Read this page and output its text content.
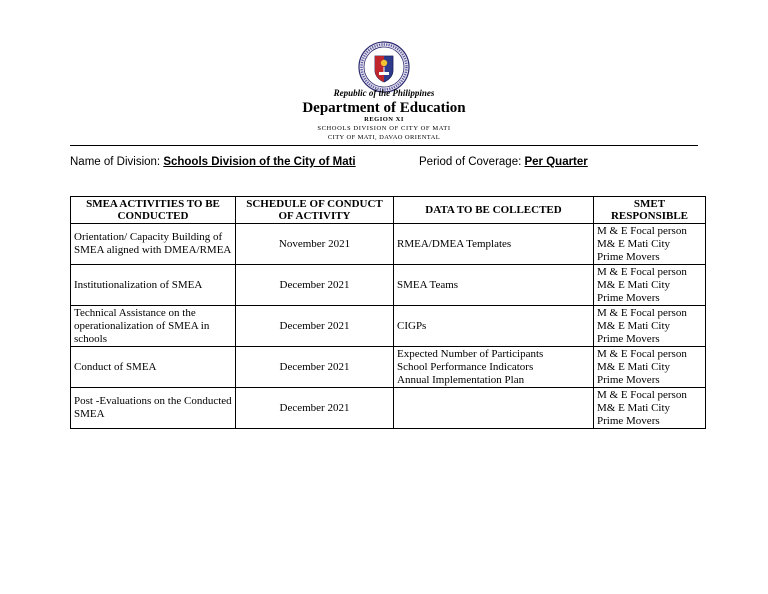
Republic of the Philippines
Department of Education
REGION XI
SCHOOLS DIVISION OF CITY OF MATI
CITY OF MATI, DAVAO ORIENTAL
Name of Division: Schools Division of the City of Mati	Period of Coverage: Per Quarter
SMEA ACTIVITIES TO BE CONDUCTED	SCHEDULE OF CONDUCT OF ACTIVITY	DATA TO BE COLLECTED	SMET RESPONSIBLE
Orientation/ Capacity Building of SMEA aligned with DMEA/RMEA	November 2021	RMEA/DMEA Templates	M & E Focal person
M& E Mati City
Prime Movers

Institutionalization of SMEA	December 2021	SMEA Teams	M & E Focal person
M& E Mati City
Prime Movers

Technical Assistance on the operationalization of SMEA in schools	December 2021	CIGPs	M & E Focal person
M& E Mati City
Prime Movers

Conduct of SMEA	December 2021	Expected Number of Participants
School Performance Indicators
Annual Implementation Plan	M & E Focal person
M& E Mati City
Prime Movers

Post -Evaluations on the Conducted SMEA	December 2021		M & E Focal person
M& E Mati City
Prime Movers
